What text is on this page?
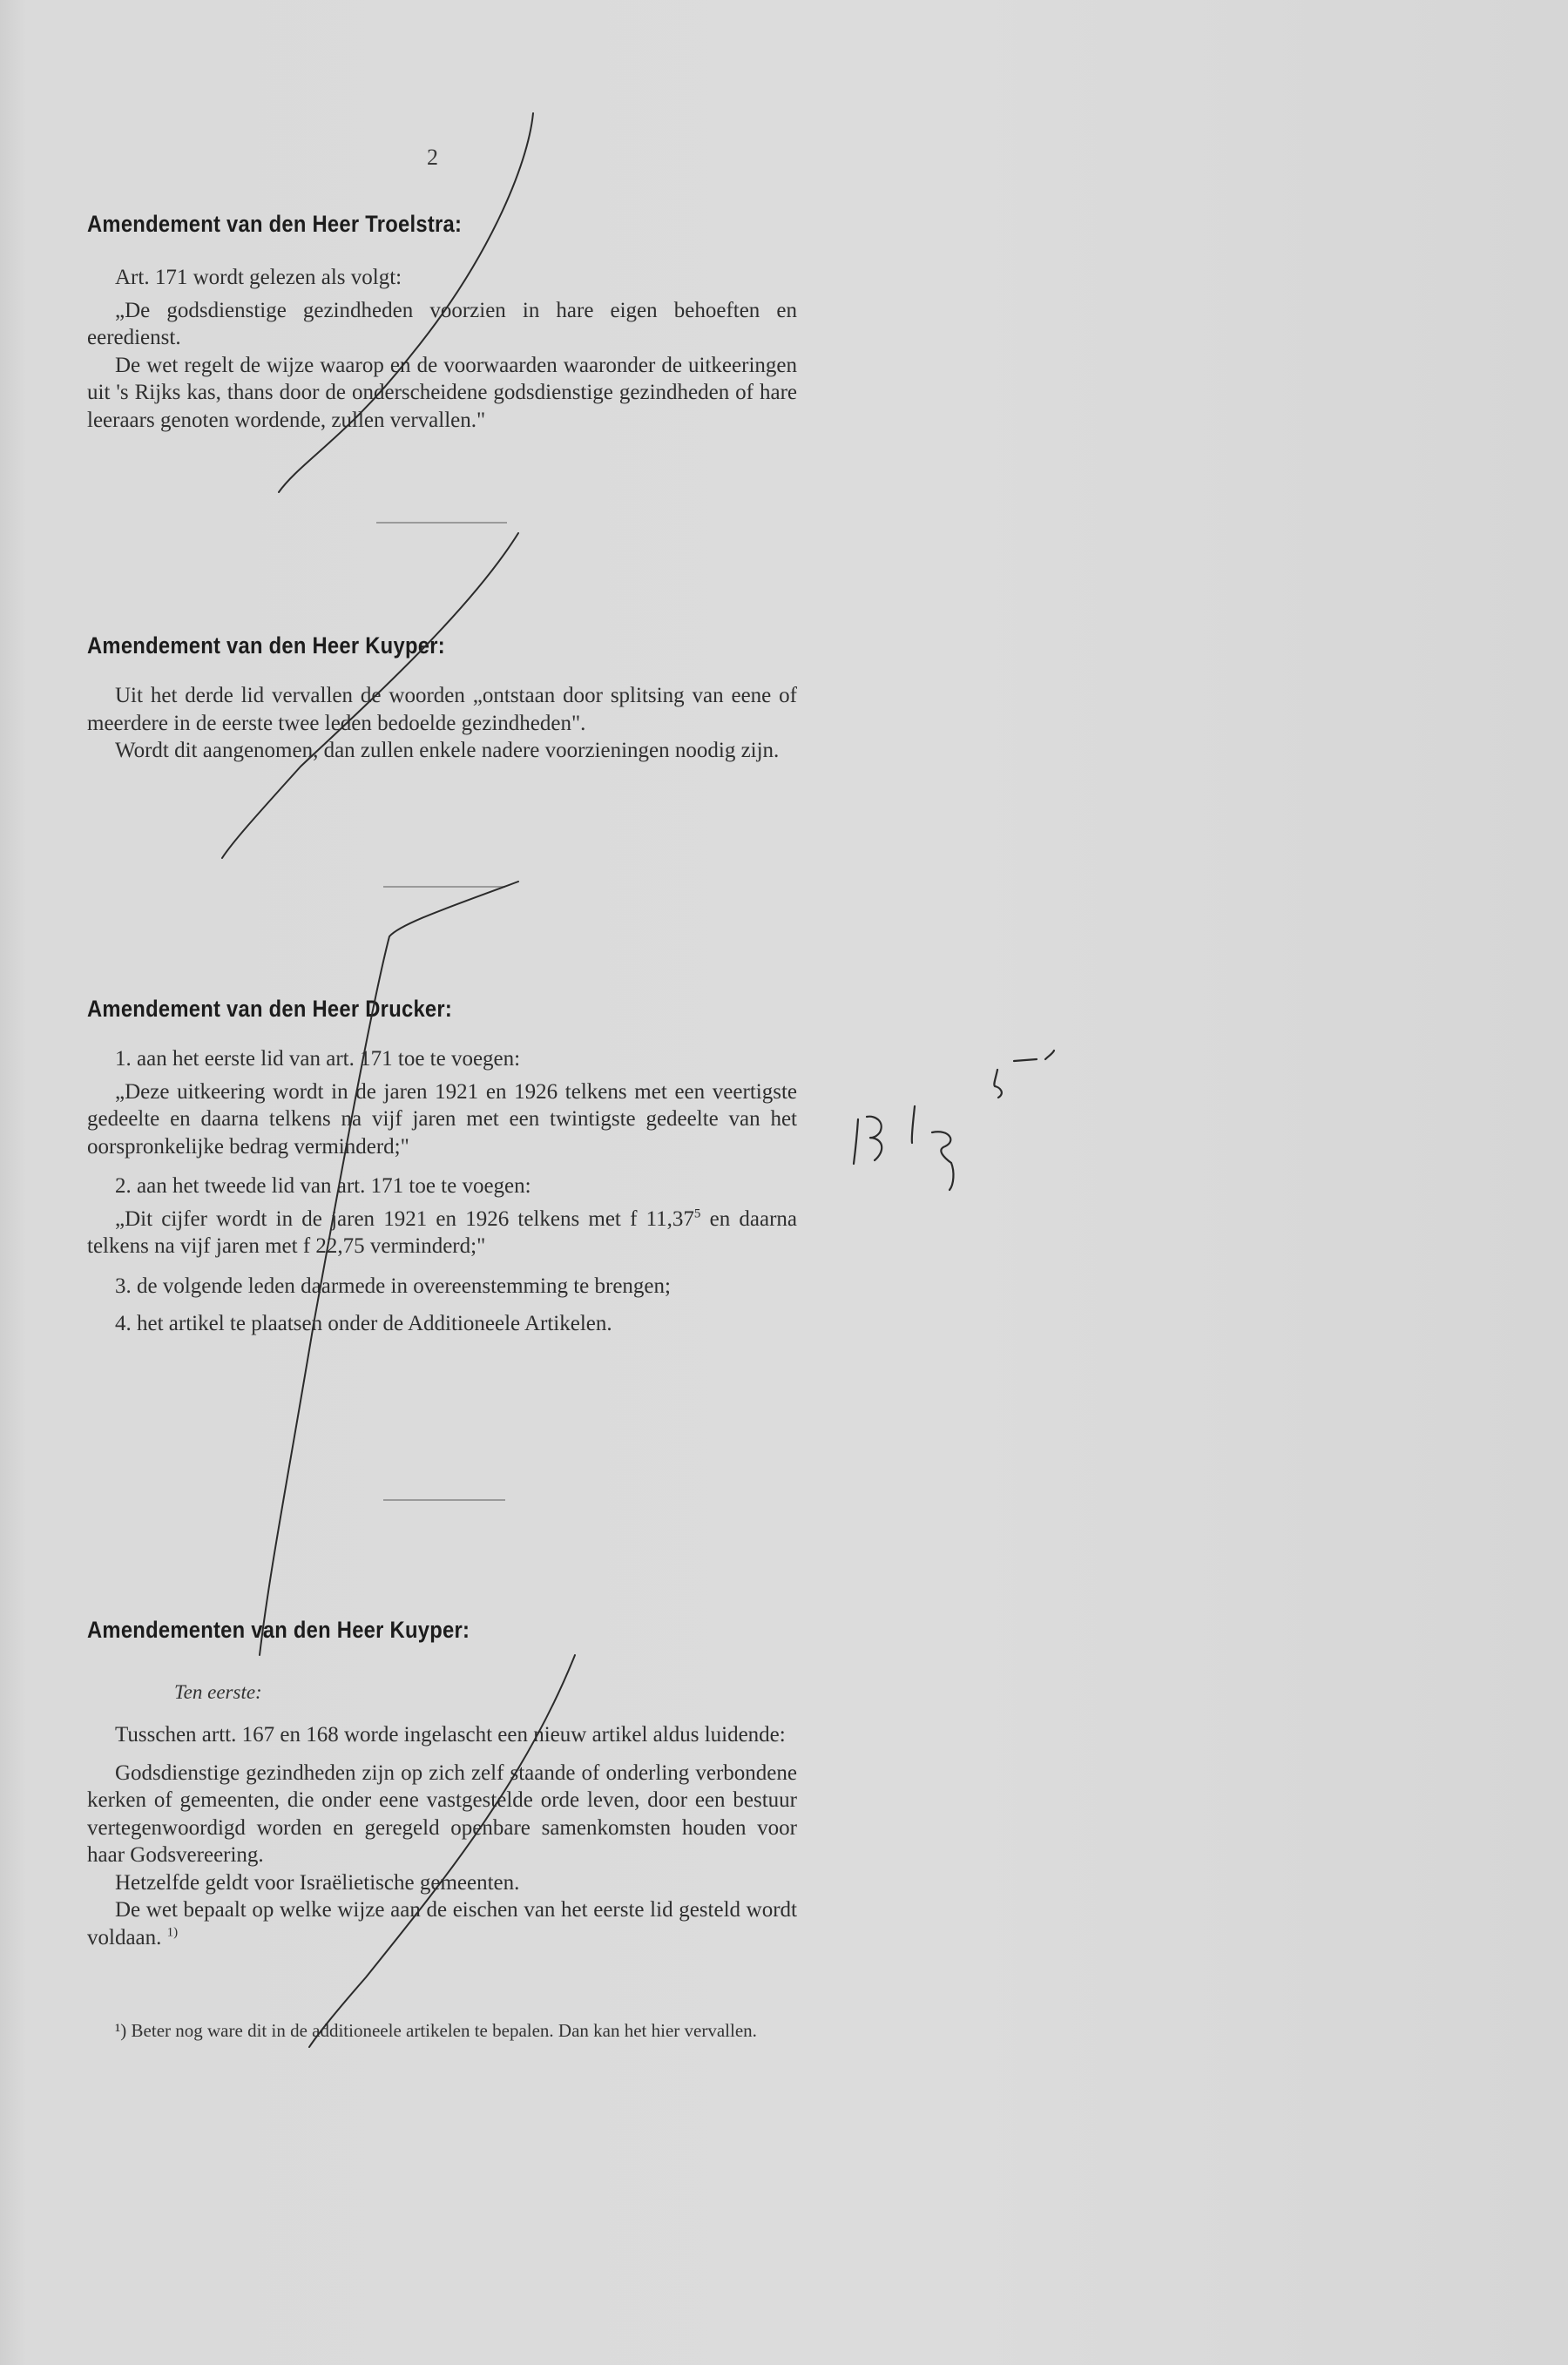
2
Amendement van den Heer Troelstra:

Art. 171 wordt gelezen als volgt:

„De godsdienstige gezindheden voorzien in hare eigen behoeften en eeredienst.

De wet regelt de wijze waarop en de voorwaarden waaronder de uitkeeringen uit 's Rijks kas, thans door de onderscheidene godsdienstige gezindheden of hare leeraars genoten wordende, zullen vervallen."

Amendement van den Heer Kuyper:

Uit het derde lid vervallen de woorden „ontstaan door splitsing van eene of meerdere in de eerste twee leden bedoelde gezindheden".

Wordt dit aangenomen, dan zullen enkele nadere voorzieningen noodig zijn.

Amendement van den Heer Drucker:

1. aan het eerste lid van art. 171 toe te voegen:

„Deze uitkeering wordt in de jaren 1921 en 1926 telkens met een veertigste gedeelte en daarna telkens na vijf jaren met een twintigste gedeelte van het oorspronkelijke bedrag verminderd;"

2. aan het tweede lid van art. 171 toe te voegen:

„Dit cijfer wordt in de jaren 1921 en 1926 telkens met f 11,37$^5$ en daarna telkens na vijf jaren met f 22,75 verminderd;"

3. de volgende leden daarmede in overeenstemming te brengen;

4. het artikel te plaatsen onder de Additioneele Artikelen.

Amendementen van den Heer Kuyper:
Ten eerste:

Tusschen artt. 167 en 168 worde ingelascht een nieuw artikel aldus luidende:

Godsdienstige gezindheden zijn op zich zelf staande of onderling verbondene kerken of gemeenten, die onder eene vastgestelde orde leven, door een bestuur vertegenwoordigd worden en geregeld openbare samenkomsten houden voor haar Godsvereering.

Hetzelfde geldt voor Israëlietische gemeenten.

De wet bepaalt op welke wijze aan de eischen van het eerste lid gesteld wordt voldaan. $^{1)}$

¹) Beter nog ware dit in de additioneele artikelen te bepalen. Dan kan het hier vervallen.
